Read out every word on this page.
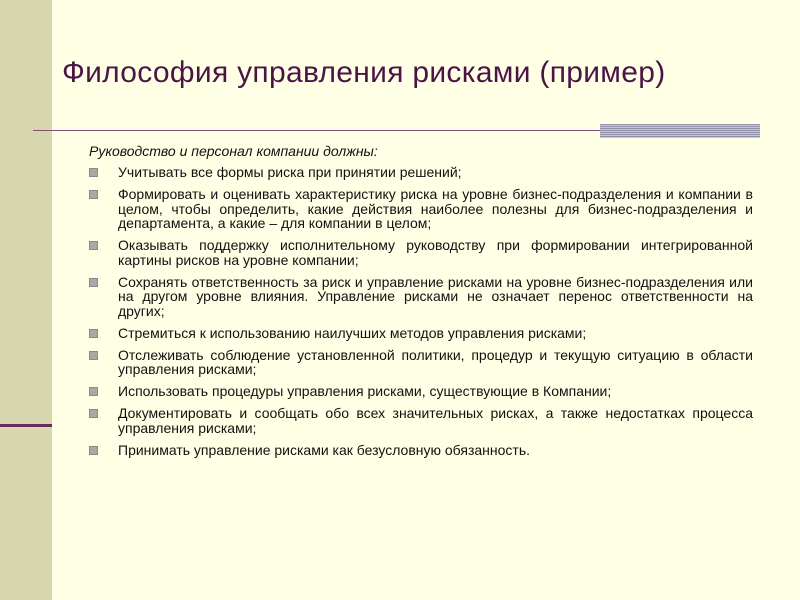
Философия управления рисками (пример)

Руководство и персонал компании должны:

Учитывать все формы риска при принятии решений;
Формировать и оценивать характеристику риска на уровне бизнес-подразделения и компании в целом, чтобы определить, какие действия наиболее полезны для бизнес-подразделения и департамента, а какие – для компании в целом;
Оказывать поддержку исполнительному руководству при формировании интегрированной картины рисков на уровне компании;
Сохранять ответственность за риск и управление рисками на уровне бизнес-подразделения или на другом уровне влияния. Управление рисками не означает перенос ответственности на других;
Стремиться к использованию наилучших методов управления рисками;
Отслеживать соблюдение установленной политики, процедур и текущую ситуацию в области управления рисками;
Использовать процедуры управления рисками, существующие в Компании;
Документировать и сообщать обо всех значительных рисках, а также недостатках процесса управления рисками;
Принимать управление рисками как безусловную обязанность.
